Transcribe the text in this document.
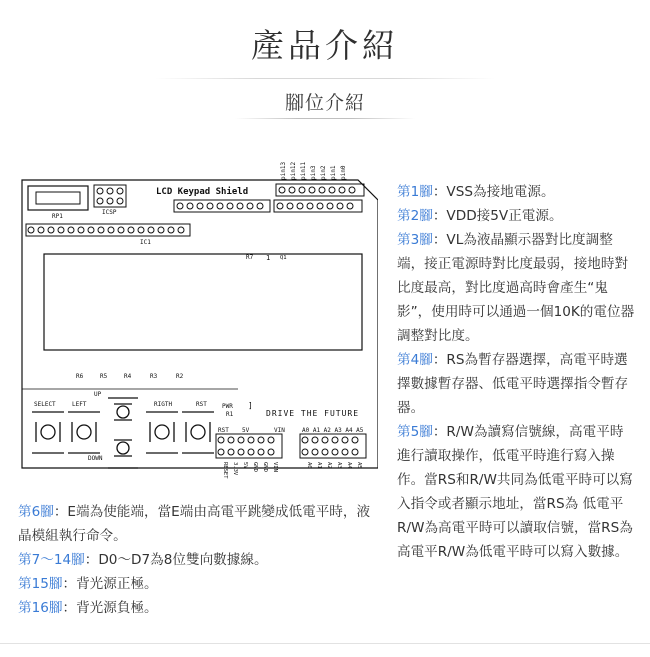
產品介紹
腳位介紹
RP1
ICSP
LCD Keypad Shield
pin13 pin12 pin11 pin3 pin2 pin1 pin0
IC1
R7 1 Q1
R6	R5	R4	R3	R2
SELECT	LEFT
UP
RIGTH	RST
DOWN
PWR
R1
]
DRIVE THE FUTURE
RST 5V	VIN	A0 A1 A2 A3 A4 A5
RESET 3.3V 5V GND GND VIN	A0 A1 A2 A3 A4 A5
第1腳：VSS為接地電源。
第2腳：VDD接5V正電源。
第3腳：VL為液晶顯示器對比度調整端，接正電源時對比度最弱，接地時對比度最高，對比度過高時會產生“鬼影”，使用時可以通過一個10K的電位器調整對比度。
第4腳：RS為暫存器選擇，高電平時選擇數據暫存器、低電平時選擇指令暫存器。
第5腳：R/W為讀寫信號線，高電平時進行讀取操作，低電平時進行寫入操作。當RS和R/W共同為低電平時可以寫入指令或者顯示地址，當RS為 低電平R/W為高電平時可以讀取信號，當RS為高電平R/W為低電平時可以寫入數據。
第6腳：E端為使能端，當E端由高電平跳變成低電平時，液晶模組執行命令。
第7～14腳：D0～D7為8位雙向數據線。
第15腳：背光源正極。
第16腳：背光源負極。
